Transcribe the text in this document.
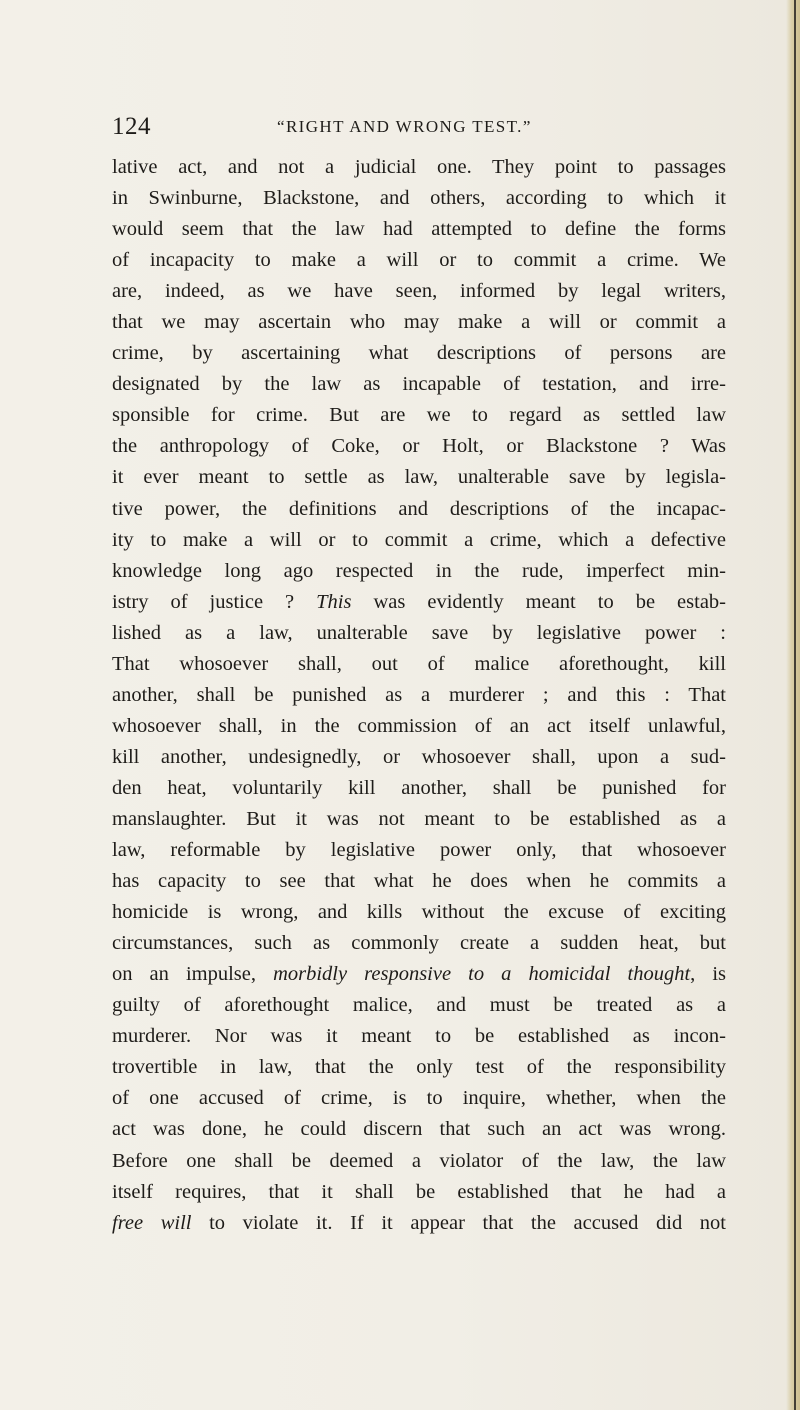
124	“RIGHT AND WRONG TEST.”
lative act, and not a judicial one. They point to passages
in Swinburne, Blackstone, and others, according to which it
would seem that the law had attempted to define the forms
of incapacity to make a will or to commit a crime. We
are, indeed, as we have seen, informed by legal writers,
that we may ascertain who may make a will or commit a
crime, by ascertaining what descriptions of persons are
designated by the law as incapable of testation, and irre-
sponsible for crime. But are we to regard as settled law
the anthropology of Coke, or Holt, or Blackstone ? Was
it ever meant to settle as law, unalterable save by legisla-
tive power, the definitions and descriptions of the incapac-
ity to make a will or to commit a crime, which a defective
knowledge long ago respected in the rude, imperfect min-
istry of justice ? This was evidently meant to be estab-
lished as a law, unalterable save by legislative power :
That whosoever shall, out of malice aforethought, kill
another, shall be punished as a murderer ; and this : That
whosoever shall, in the commission of an act itself unlawful,
kill another, undesignedly, or whosoever shall, upon a sud-
den heat, voluntarily kill another, shall be punished for
manslaughter. But it was not meant to be established as a
law, reformable by legislative power only, that whosoever
has capacity to see that what he does when he commits a
homicide is wrong, and kills without the excuse of exciting
circumstances, such as commonly create a sudden heat, but
on an impulse, morbidly responsive to a homicidal thought, is
guilty of aforethought malice, and must be treated as a
murderer. Nor was it meant to be established as incon-
trovertible in law, that the only test of the responsibility
of one accused of crime, is to inquire, whether, when the
act was done, he could discern that such an act was wrong.
Before one shall be deemed a violator of the law, the law
itself requires, that it shall be established that he had a
free will to violate it. If it appear that the accused did not
